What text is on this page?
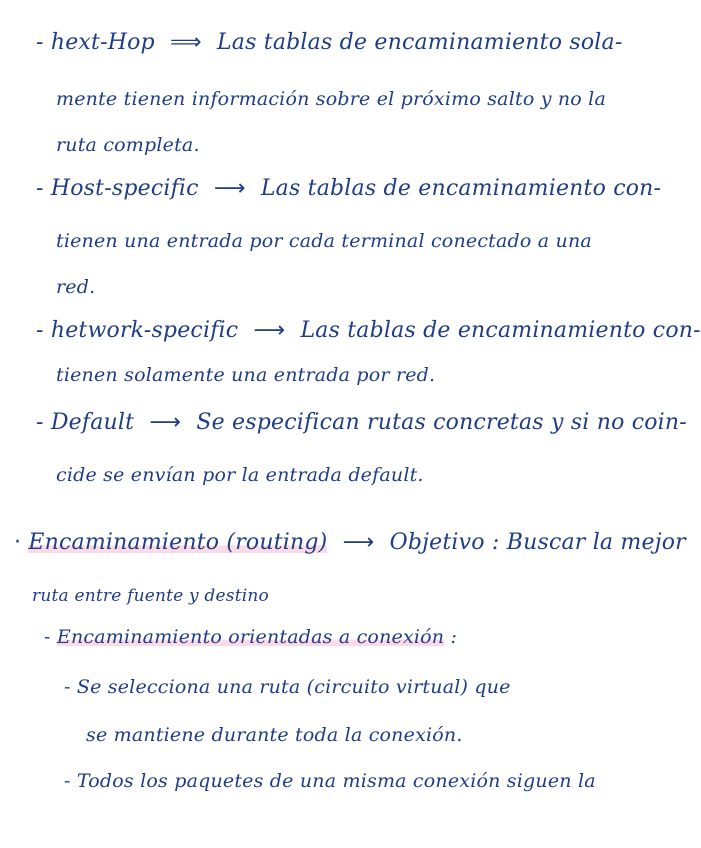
- hext-Hop ⟹ Las tablas de encaminamiento sola-
mente tienen información sobre el próximo salto y no la
ruta completa.
- Host-specific ⟶ Las tablas de encaminamiento con-
tienen una entrada por cada terminal conectado a una
red.
- hetwork-specific ⟶ Las tablas de encaminamiento con-
tienen solamente una entrada por red.
- Default ⟶ Se especifican rutas concretas y si no coin-
cide se envían por la entrada default.
· Encaminamiento (routing) ⟶ Objetivo : Buscar la mejor
ruta entre fuente y destino
- Encaminamiento orientadas a conexión :
- Se selecciona una ruta (circuito virtual) que
se mantiene durante toda la conexión.
- Todos los paquetes de una misma conexión siguen la
